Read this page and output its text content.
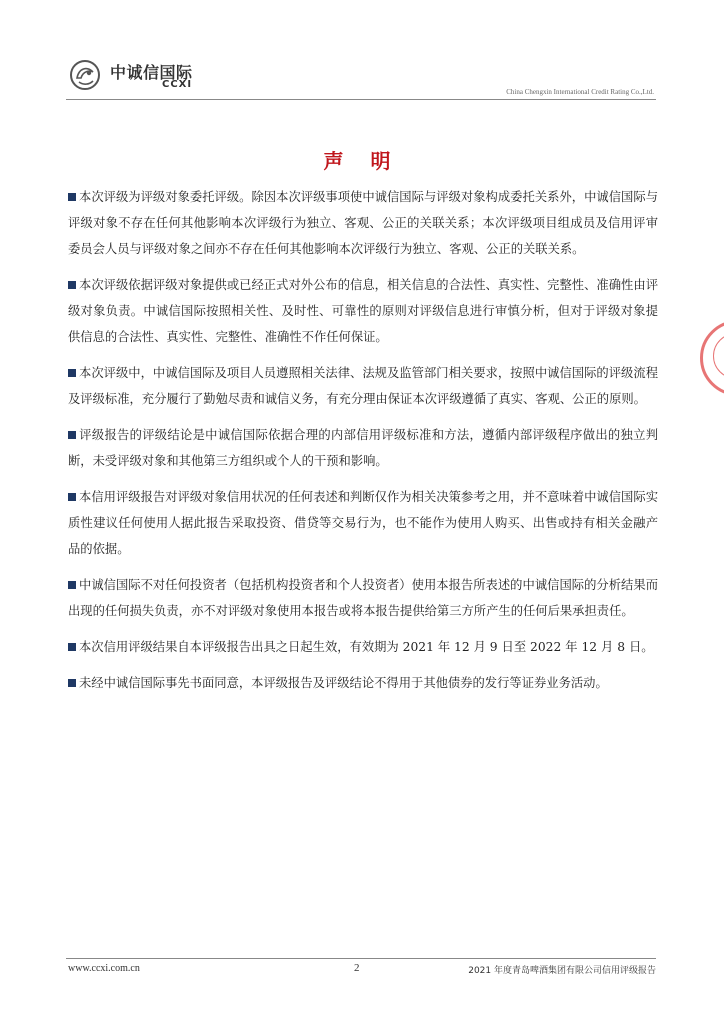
中诚信国际
CCXI
China Chengxin International Credit Rating Co.,Ltd.
声 明

本次评级为评级对象委托评级。除因本次评级事项使中诚信国际与评级对象构成委托关系外，中诚信国际与评级对象不存在任何其他影响本次评级行为独立、客观、公正的关联关系；本次评级项目组成员及信用评审委员会人员与评级对象之间亦不存在任何其他影响本次评级行为独立、客观、公正的关联关系。

本次评级依据评级对象提供或已经正式对外公布的信息，相关信息的合法性、真实性、完整性、准确性由评级对象负责。中诚信国际按照相关性、及时性、可靠性的原则对评级信息进行审慎分析，但对于评级对象提供信息的合法性、真实性、完整性、准确性不作任何保证。

本次评级中，中诚信国际及项目人员遵照相关法律、法规及监管部门相关要求，按照中诚信国际的评级流程及评级标准，充分履行了勤勉尽责和诚信义务，有充分理由保证本次评级遵循了真实、客观、公正的原则。

评级报告的评级结论是中诚信国际依据合理的内部信用评级标准和方法，遵循内部评级程序做出的独立判断，未受评级对象和其他第三方组织或个人的干预和影响。

本信用评级报告对评级对象信用状况的任何表述和判断仅作为相关决策参考之用，并不意味着中诚信国际实质性建议任何使用人据此报告采取投资、借贷等交易行为，也不能作为使用人购买、出售或持有相关金融产品的依据。

中诚信国际不对任何投资者（包括机构投资者和个人投资者）使用本报告所表述的中诚信国际的分析结果而出现的任何损失负责，亦不对评级对象使用本报告或将本报告提供给第三方所产生的任何后果承担责任。

本次信用评级结果自本评级报告出具之日起生效，有效期为 2021 年 12 月 9 日至 2022 年 12 月 8 日。

未经中诚信国际事先书面同意，本评级报告及评级结论不得用于其他债券的发行等证券业务活动。

www.ccxi.com.cn	2	2021 年度青岛啤酒集团有限公司信用评级报告
